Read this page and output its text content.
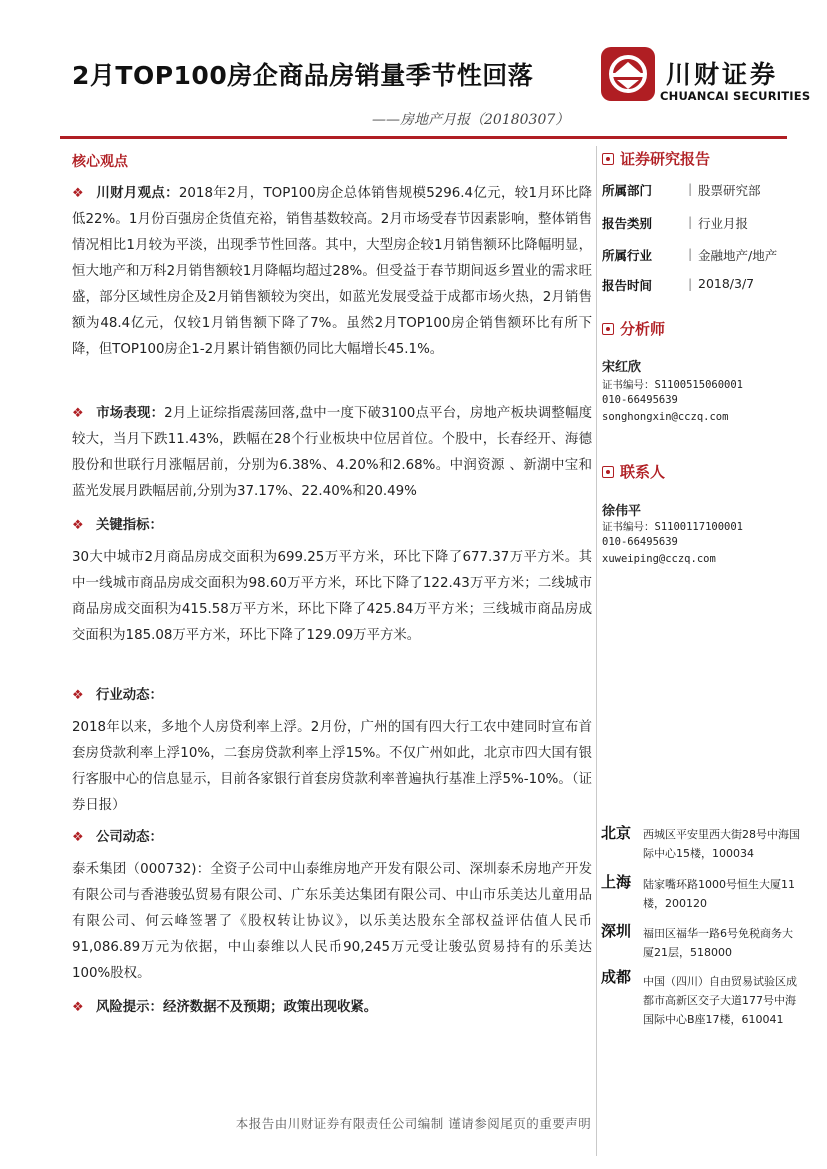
2月TOP100房企商品房销量季节性回落
——房地产月报（20180307）
川财证券
CHUANCAI SECURITIES
核心观点

❖ 川财月观点：2018年2月，TOP100房企总体销售规模5296.4亿元，较1月环比降低22%。1月份百强房企货值充裕，销售基数较高。2月市场受春节因素影响，整体销售情况相比1月较为平淡，出现季节性回落。其中，大型房企较1月销售额环比降幅明显，恒大地产和万科2月销售额较1月降幅均超过28%。但受益于春节期间返乡置业的需求旺盛，部分区域性房企及2月销售额较为突出，如蓝光发展受益于成都市场火热，2月销售额为48.4亿元，仅较1月销售额下降了7%。虽然2月TOP100房企销售额环比有所下降，但TOP100房企1-2月累计销售额仍同比大幅增长45.1%。

❖ 市场表现：2月上证综指震荡回落,盘中一度下破3100点平台，房地产板块调整幅度较大，当月下跌11.43%，跌幅在28个行业板块中位居首位。个股中，长春经开、海德股份和世联行月涨幅居前，分别为6.38%、4.20%和2.68%。中润资源 、新湖中宝和蓝光发展月跌幅居前,分别为37.17%、22.40%和20.49%

❖ 关键指标：

30大中城市2月商品房成交面积为699.25万平方米，环比下降了677.37万平方米。其中一线城市商品房成交面积为98.60万平方米，环比下降了122.43万平方米；二线城市商品房成交面积为415.58万平方米，环比下降了425.84万平方米；三线城市商品房成交面积为185.08万平方米，环比下降了129.09万平方米。

❖ 行业动态：

2018年以来，多地个人房贷利率上浮。2月份，广州的国有四大行工农中建同时宣布首套房贷款利率上浮10%，二套房贷款利率上浮15%。不仅广州如此，北京市四大国有银行客服中心的信息显示，目前各家银行首套房贷款利率普遍执行基准上浮5%-10%。（证券日报）

❖ 公司动态：

泰禾集团（000732)：全资子公司中山泰维房地产开发有限公司、深圳泰禾房地产开发有限公司与香港骏弘贸易有限公司、广东乐美达集团有限公司、中山市乐美达儿童用品有限公司、何云峰签署了《股权转让协议》，以乐美达股东全部权益评估值人民币91,086.89万元为依据，中山泰维以人民币90,245万元受让骏弘贸易持有的乐美达100%股权。

❖ 风险提示：经济数据不及预期；政策出现收紧。
证券研究报告
所属部门	| 股票研究部
报告类别	| 行业月报
所属行业	| 金融地产/地产
报告时间	| 2018/3/7
分析师
宋红欣
证书编号：S1100515060001
010-66495639
songhongxin@cczq.com
联系人
徐伟平
证书编号：S1100117100001
010-66495639
xuweiping@cczq.com
北京 西城区平安里西大街28号中海国际中心15楼，100034
上海 陆家嘴环路1000号恒生大厦11楼，200120
深圳 福田区福华一路6号免税商务大厦21层，518000
成都 中国（四川）自由贸易试验区成都市高新区交子大道177号中海国际中心B座17楼，610041
本报告由川财证券有限责任公司编制 谨请参阅尾页的重要声明
